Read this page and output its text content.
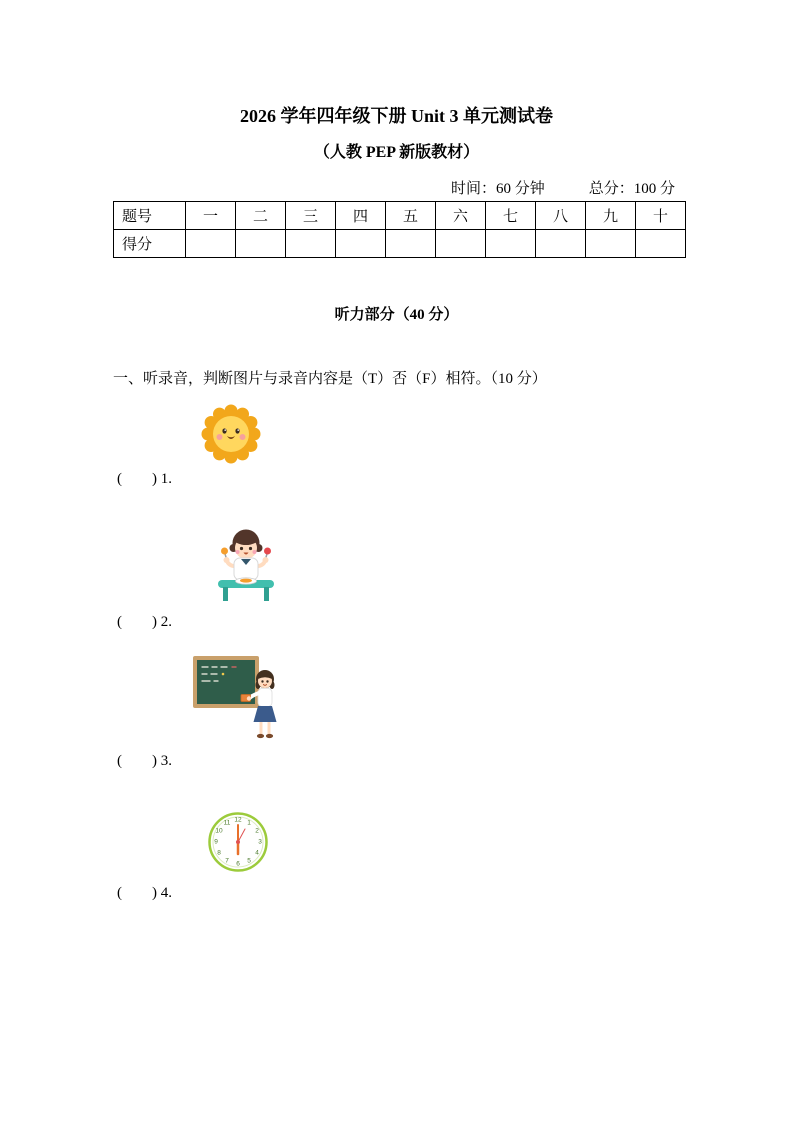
2026 学年四年级下册 Unit 3 单元测试卷
（人教 PEP 新版教材）
时间：60 分钟	总分：100 分
题号	一	二	三	四	五	六	七	八	九	十
得分										
听力部分（40 分）
一、听录音，判断图片与录音内容是（T）否（F）相符。（10 分）
(　　) 1.
(　　) 2.
(　　) 3.
12 1
2
3
4
5
6
7
8
9
10
11
(　　) 4.
